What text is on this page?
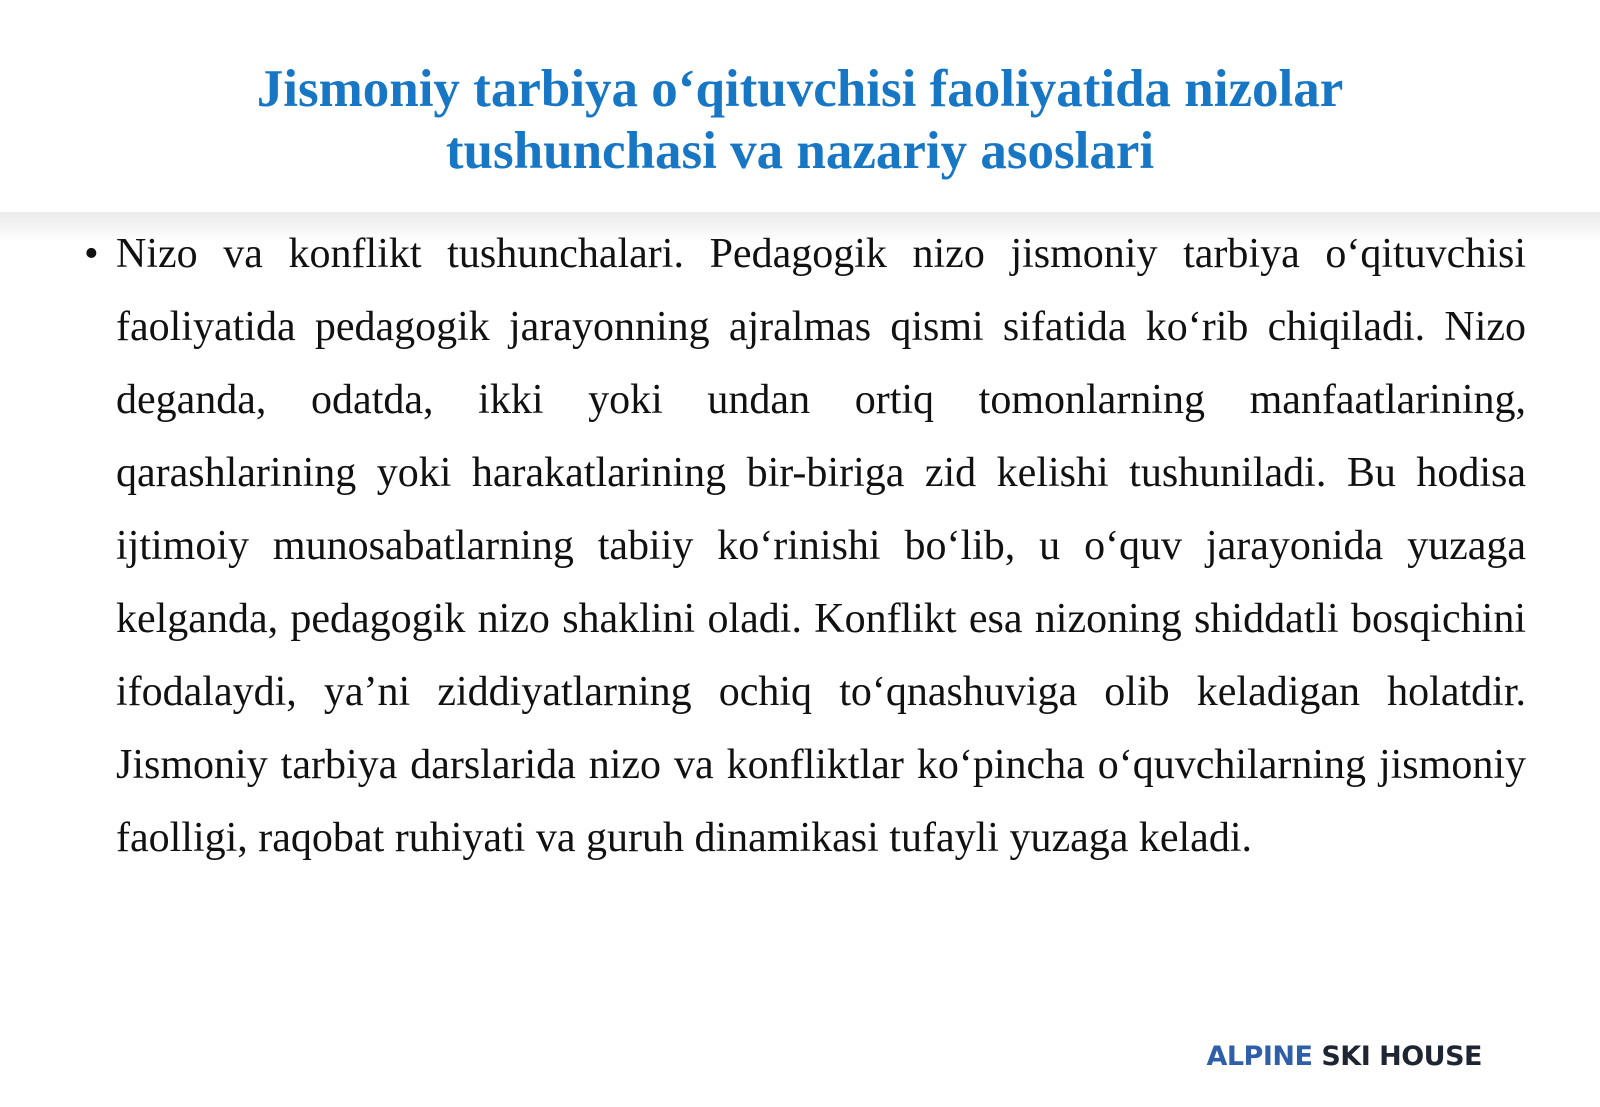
Jismoniy tarbiya o‘qituvchisi faoliyatida nizolar tushunchasi va nazariy asoslari
• Nizo va konflikt tushunchalari. Pedagogik nizo jismoniy tarbiya o‘qituvchisi faoliyatida pedagogik jarayonning ajralmas qismi sifatida ko‘rib chiqiladi. Nizo deganda, odatda, ikki yoki undan ortiq tomonlarning manfaatlarining, qarashlarining yoki harakatlarining bir-biriga zid kelishi tushuniladi. Bu hodisa ijtimoiy munosabatlarning tabiiy ko‘rinishi bo‘lib, u o‘quv jarayonida yuzaga kelganda, pedagogik nizo shaklini oladi. Konflikt esa nizoning shiddatli bosqichini ifodalaydi, ya’ni ziddiyatlarning ochiq to‘qnashuviga olib keladigan holatdir. Jismoniy tarbiya darslarida nizo va konfliktlar ko‘pincha o‘quvchilarning jismoniy faolligi, raqobat ruhiyati va guruh dinamikasi tufayli yuzaga keladi.

ALPINE SKI HOUSE
